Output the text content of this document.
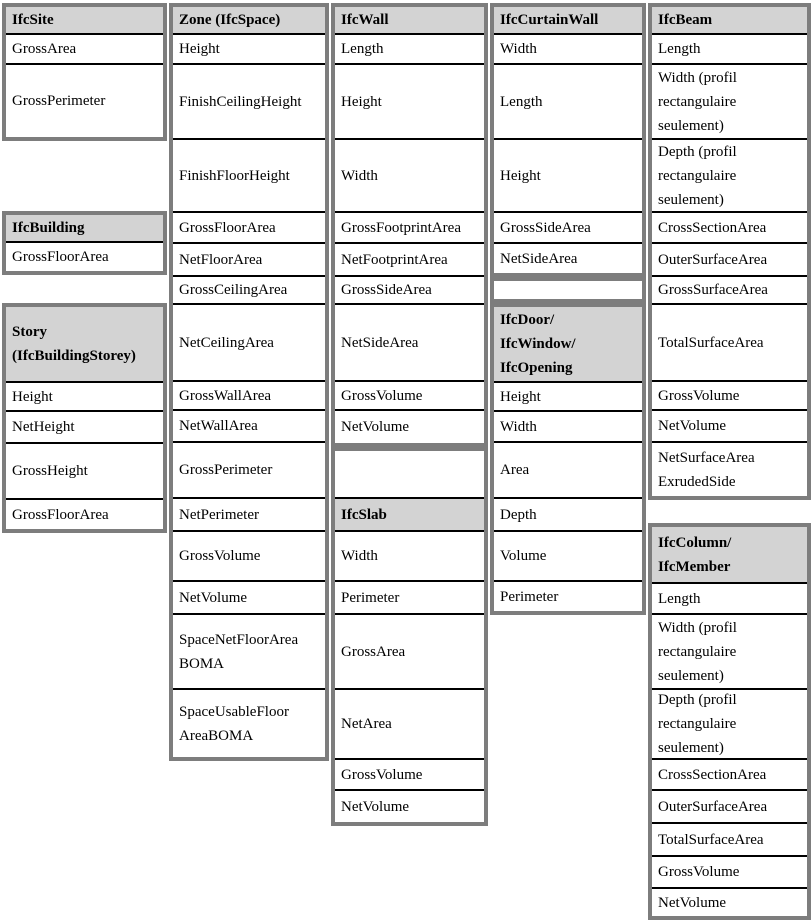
IfcSite
GrossArea
GrossPerimeter
IfcBuilding
GrossFloorArea
Story (IfcBuildingStorey)
Height
NetHeight
GrossHeight
GrossFloorArea
Zone (IfcSpace)
Height
FinishCeilingHeight
FinishFloorHeight
GrossFloorArea
NetFloorArea
GrossCeilingArea
NetCeilingArea
GrossWallArea
NetWallArea
GrossPerimeter
NetPerimeter
GrossVolume
NetVolume
SpaceNetFloorArea BOMA
SpaceUsableFloor AreaBOMA
IfcWall
Length
Height
Width
GrossFootprintArea
NetFootprintArea
GrossSideArea
NetSideArea
GrossVolume
NetVolume
IfcSlab
Width
Perimeter
GrossArea
NetArea
GrossVolume
NetVolume
IfcCurtainWall
Width
Length
Height
GrossSideArea
NetSideArea
IfcDoor/
IfcWindow/
IfcOpening
Height
Width
Area
Depth
Volume
Perimeter
IfcBeam
Length
Width (profil rectangulaire seulement)
Depth (profil rectangulaire seulement)
CrossSectionArea
OuterSurfaceArea
GrossSurfaceArea
TotalSurfaceArea
GrossVolume
NetVolume
NetSurfaceArea ExrudedSide
IfcColumn/
IfcMember
Length
Width (profil rectangulaire seulement)
Depth (profil rectangulaire seulement)
CrossSectionArea
OuterSurfaceArea
TotalSurfaceArea
GrossVolume
NetVolume
